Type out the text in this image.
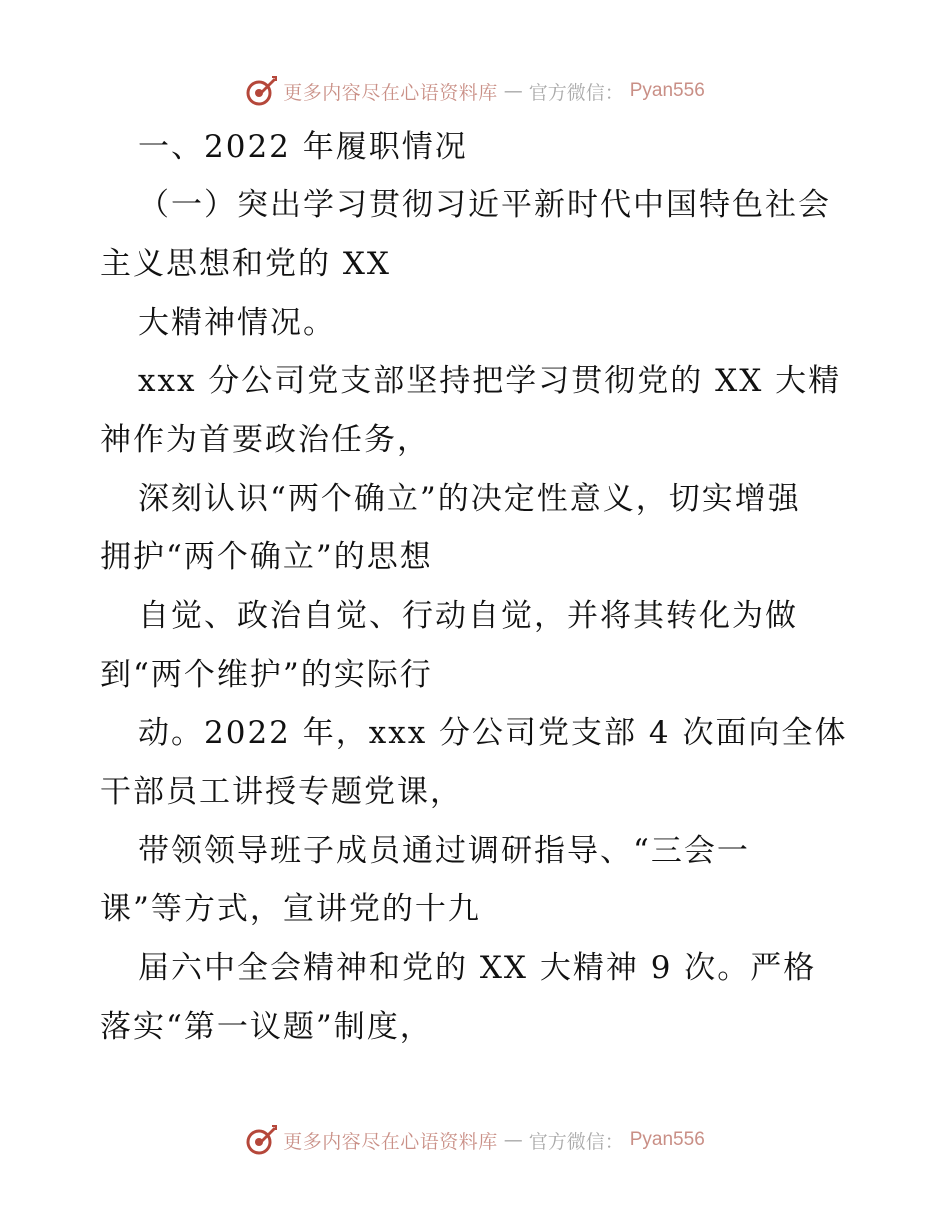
更多内容尽在心语资料库 — 官方微信： Pyan556
一、2022 年履职情况
（一）突出学习贯彻习近平新时代中国特色社会
主义思想和党的 XX
大精神情况。
xxx 分公司党支部坚持把学习贯彻党的 XX 大精
神作为首要政治任务，
深刻认识“两个确立”的决定性意义，切实增强
拥护“两个确立”的思想
自觉、政治自觉、行动自觉，并将其转化为做
到“两个维护”的实际行
动。2022 年，xxx 分公司党支部 4 次面向全体
干部员工讲授专题党课，
带领领导班子成员通过调研指导、“三会一
课”等方式，宣讲党的十九
届六中全会精神和党的 XX 大精神 9 次。严格
落实“第一议题”制度，
更多内容尽在心语资料库 — 官方微信： Pyan556
